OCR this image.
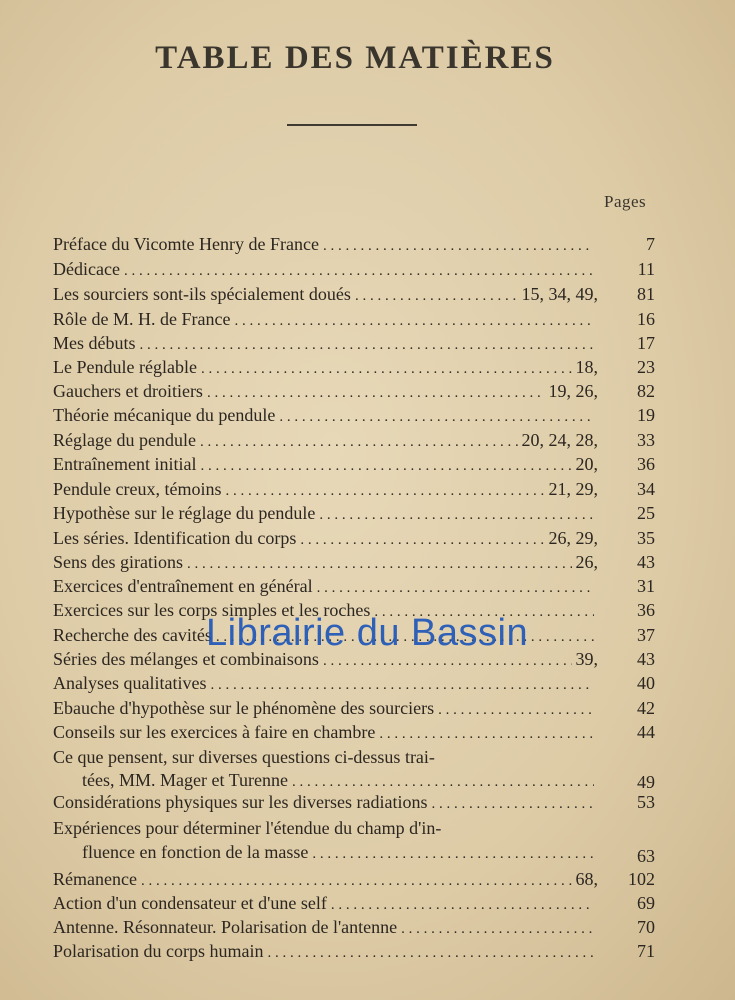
TABLE DES MATIÈRES
Pages
Préface du Vicomte Henry de France . . .	7
Dédicace . . .	11
Les sourciers sont-ils spécialement doués . . .	15, 34, 49,	81
Rôle de M. H. de France . . .	16
Mes débuts . . .	17
Le Pendule réglable . . .	18,	23
Gauchers et droitiers . . .	19, 26,	82
Théorie mécanique du pendule . . .	19
Réglage du pendule . . .	20, 24, 28,	33
Entraînement initial . . .	20,	36
Pendule creux, témoins . . .	21, 29,	34
Hypothèse sur le réglage du pendule . . .	25
Les séries. Identification du corps . . .	26, 29,	35
Sens des girations . . .	26,	43
Exercices d'entraînement en général . . .	31
Exercices sur les corps simples et les roches . . .	36
Recherche des cavités . . .	37
Séries des mélanges et combinaisons . . .	39,	43
Analyses qualitatives . . .	40
Ebauche d'hypothèse sur le phénomène des sourciers . . .	42
Conseils sur les exercices à faire en chambre . . .	44
Ce que pensent, sur diverses questions ci-dessus trai-
tées, MM. Mager et Turenne . . .	49
Considérations physiques sur les diverses radiations . . .	53
Expériences pour déterminer l'étendue du champ d'in-
fluence en fonction de la masse . . .	63
Rémanence . . .	68,	102
Action d'un condensateur et d'une self . . .	69
Antenne. Résonnateur. Polarisation de l'antenne . . .	70
Polarisation du corps humain . . .	71
Librairie du Bassin
